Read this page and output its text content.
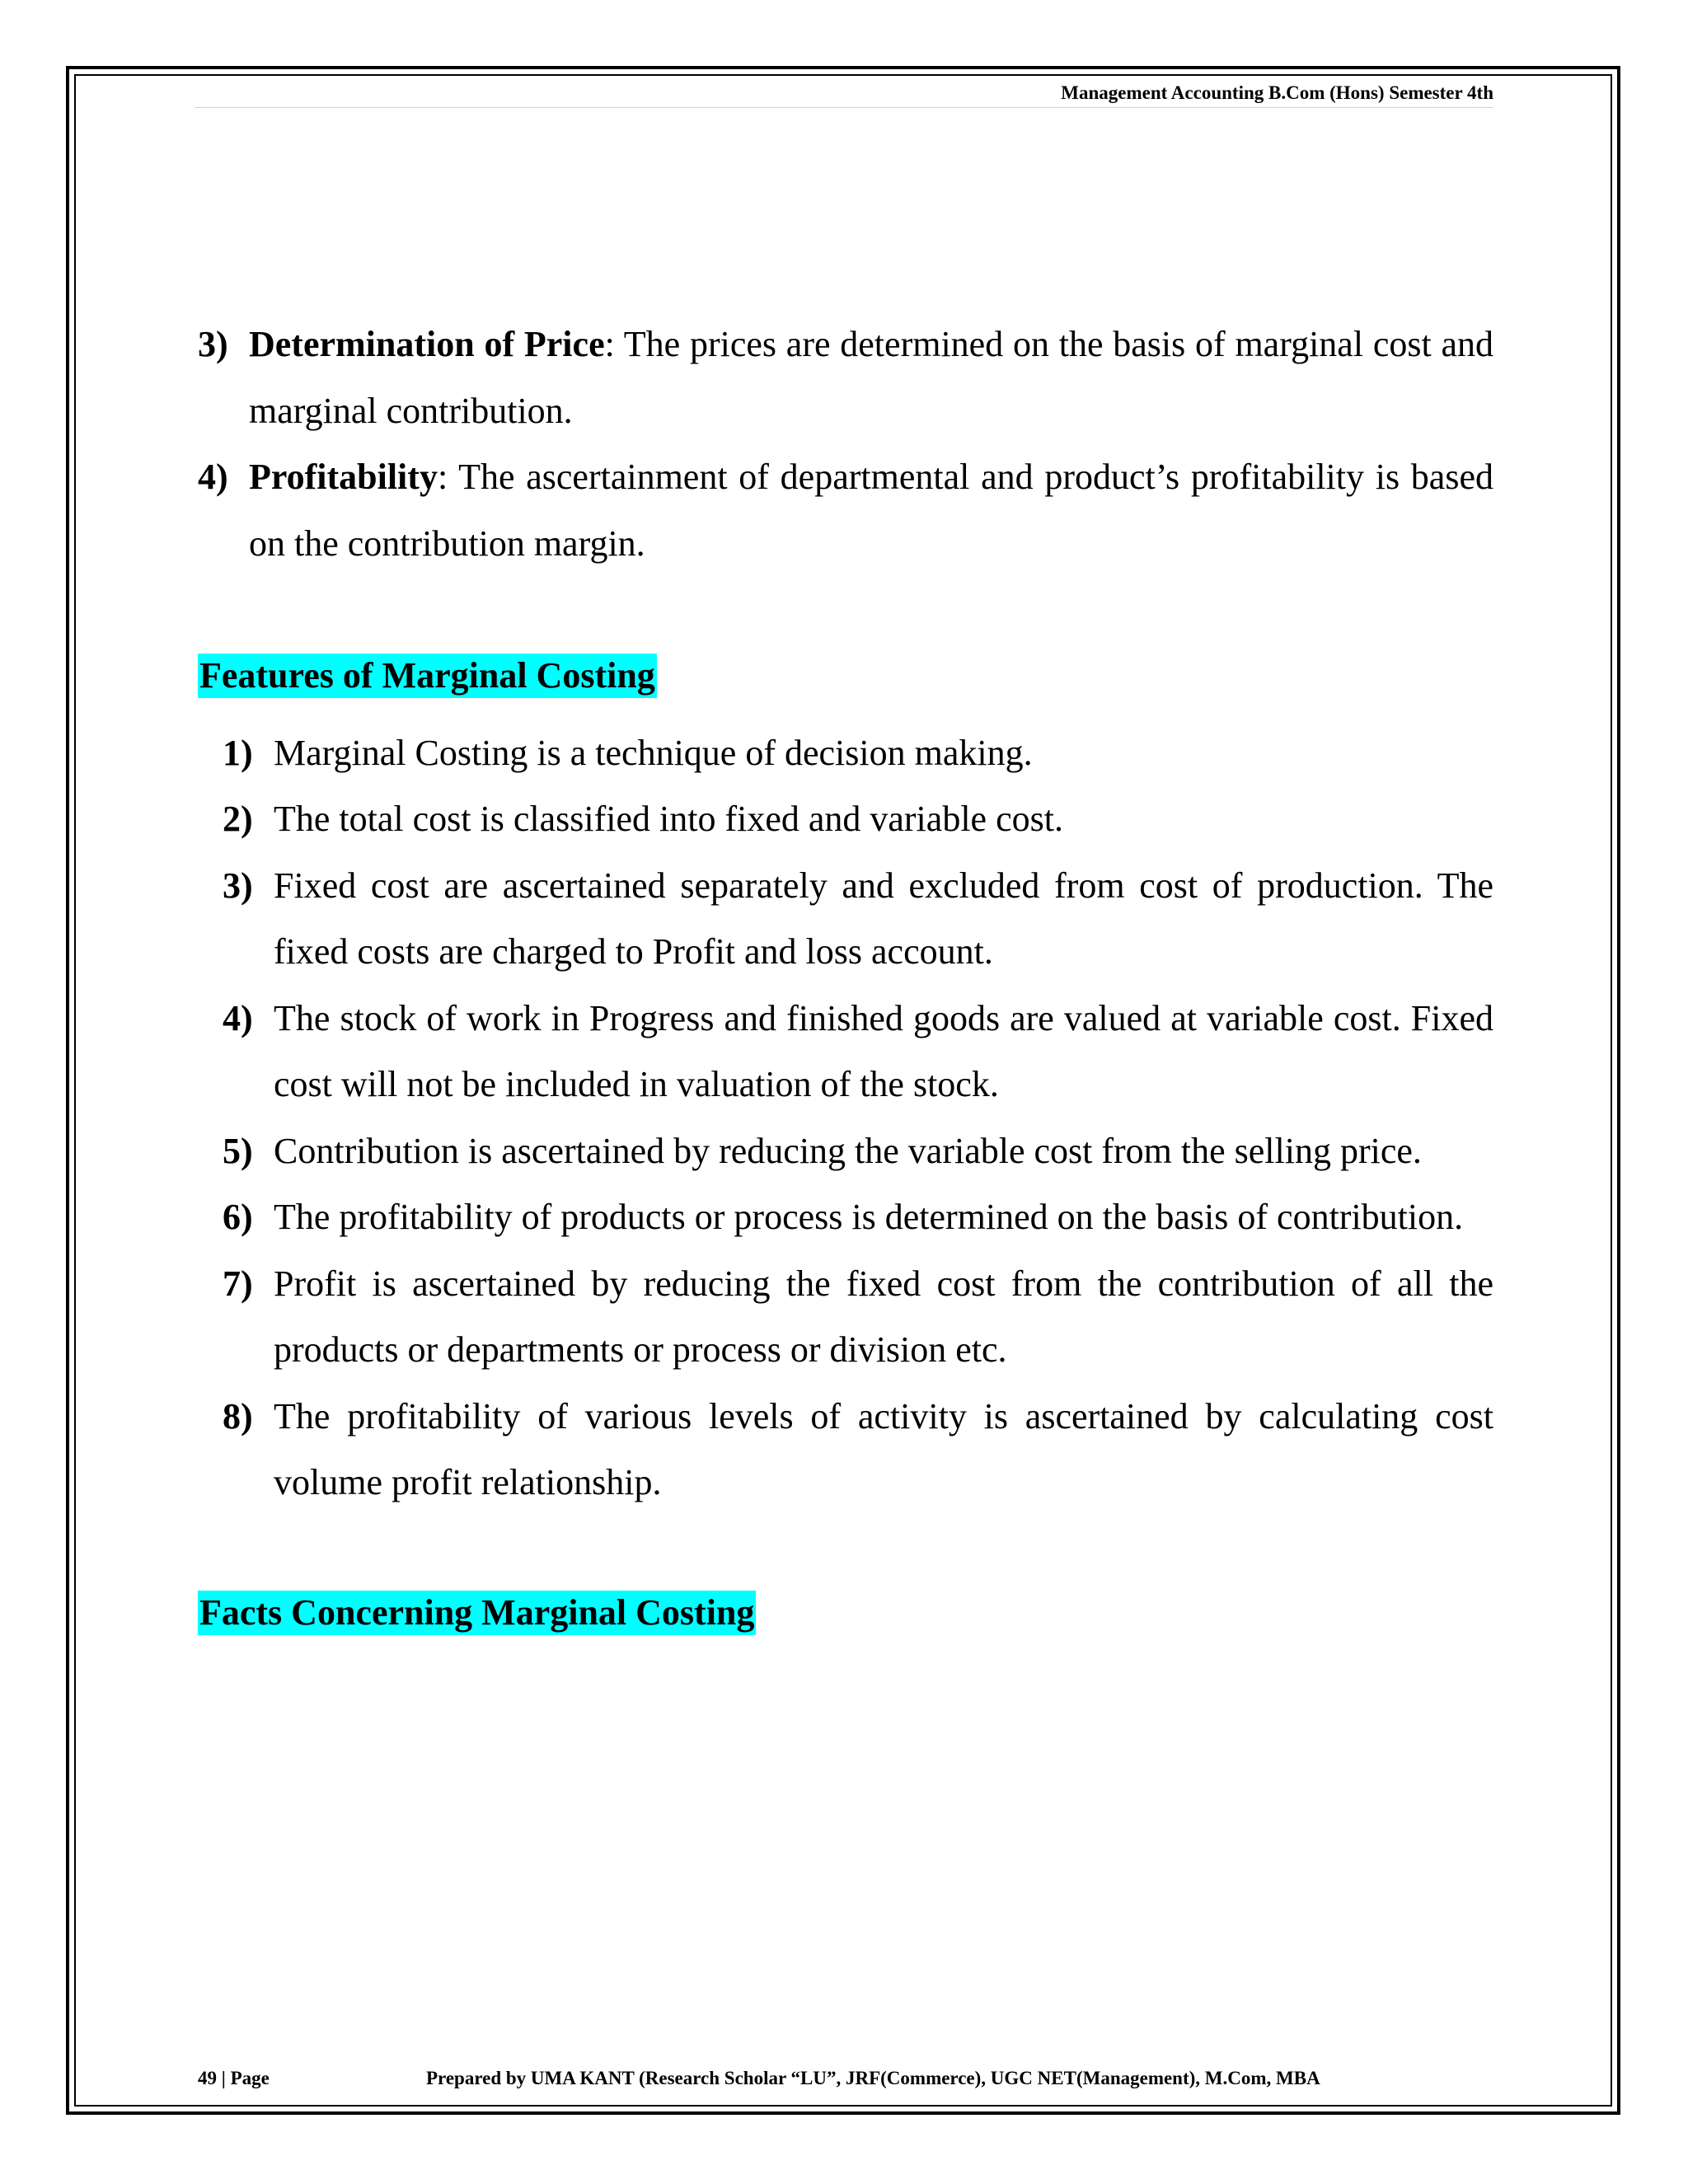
Management Accounting B.Com (Hons) Semester 4th
3) Determination of Price: The prices are determined on the basis of marginal cost and marginal contribution.
4) Profitability: The ascertainment of departmental and product’s profitability is based on the contribution margin.
Features of Marginal Costing
1) Marginal Costing is a technique of decision making.
2) The total cost is classified into fixed and variable cost.
3) Fixed cost are ascertained separately and excluded from cost of production. The fixed costs are charged to Profit and loss account.
4) The stock of work in Progress and finished goods are valued at variable cost. Fixed cost will not be included in valuation of the stock.
5) Contribution is ascertained by reducing the variable cost from the selling price.
6) The profitability of products or process is determined on the basis of contribution.
7) Profit is ascertained by reducing the fixed cost from the contribution of all the products or departments or process or division etc.
8) The profitability of various levels of activity is ascertained by calculating cost volume profit relationship.
Facts Concerning Marginal Costing
49 | Page	Prepared by UMA KANT (Research Scholar “LU”, JRF(Commerce), UGC NET(Management), M.Com, MBA
